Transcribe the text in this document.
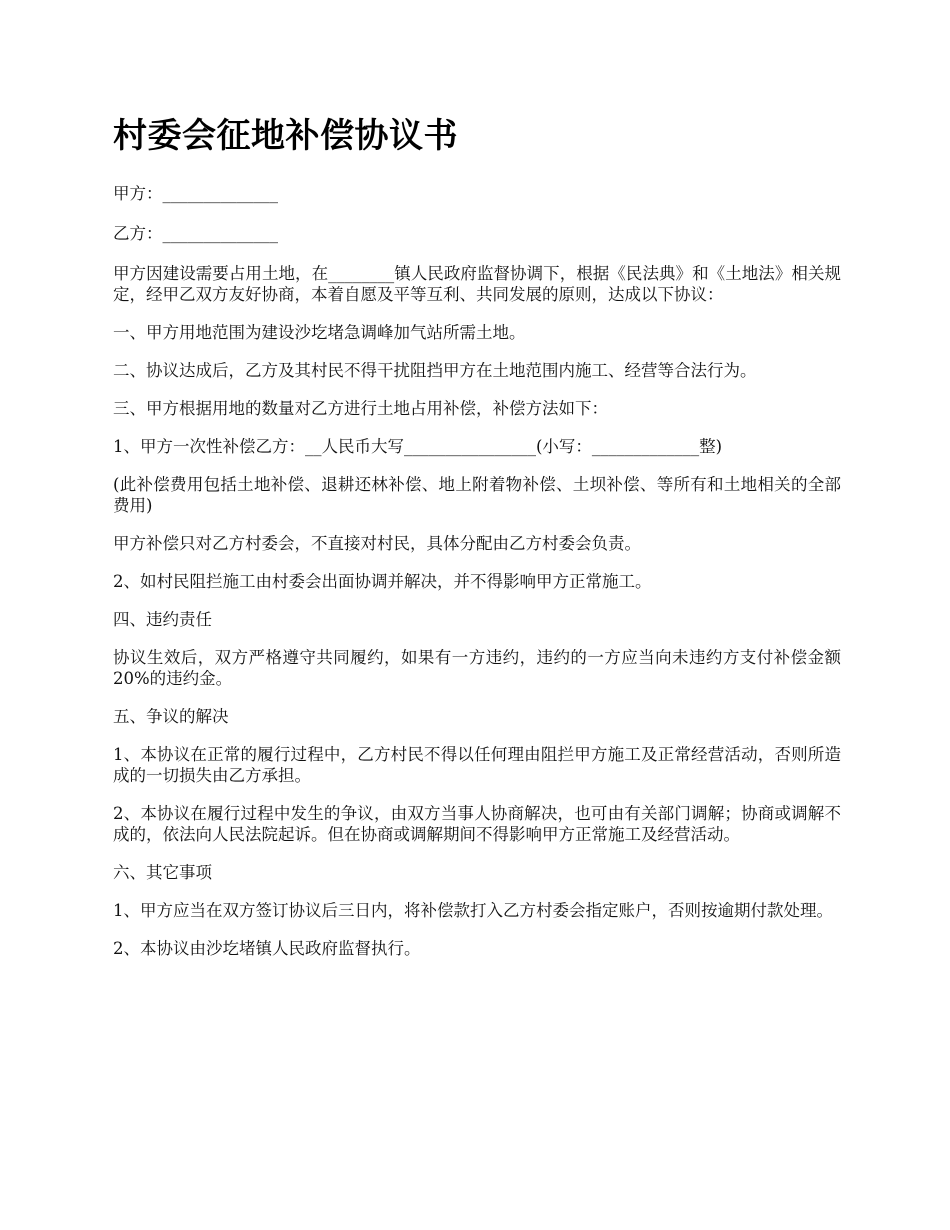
村委会征地补偿协议书

甲方：______________

乙方：______________

甲方因建设需要占用土地，在________镇人民政府监督协调下，根据《民法典》和《土地法》相关规定，经甲乙双方友好协商，本着自愿及平等互利、共同发展的原则，达成以下协议：

一、甲方用地范围为建设沙圪堵急调峰加气站所需土地。

二、协议达成后，乙方及其村民不得干扰阻挡甲方在土地范围内施工、经营等合法行为。

三、甲方根据用地的数量对乙方进行土地占用补偿，补偿方法如下：

1、甲方一次性补偿乙方：__人民币大写________________(小写：_____________整)

(此补偿费用包括土地补偿、退耕还林补偿、地上附着物补偿、土坝补偿、等所有和土地相关的全部费用)

甲方补偿只对乙方村委会，不直接对村民，具体分配由乙方村委会负责。

2、如村民阻拦施工由村委会出面协调并解决，并不得影响甲方正常施工。

四、违约责任

协议生效后，双方严格遵守共同履约，如果有一方违约，违约的一方应当向未违约方支付补偿金额20%的违约金。

五、争议的解决

1、本协议在正常的履行过程中，乙方村民不得以任何理由阻拦甲方施工及正常经营活动，否则所造成的一切损失由乙方承担。

2、本协议在履行过程中发生的争议，由双方当事人协商解决，也可由有关部门调解；协商或调解不成的，依法向人民法院起诉。但在协商或调解期间不得影响甲方正常施工及经营活动。

六、其它事项

1、甲方应当在双方签订协议后三日内，将补偿款打入乙方村委会指定账户，否则按逾期付款处理。

2、本协议由沙圪堵镇人民政府监督执行。
